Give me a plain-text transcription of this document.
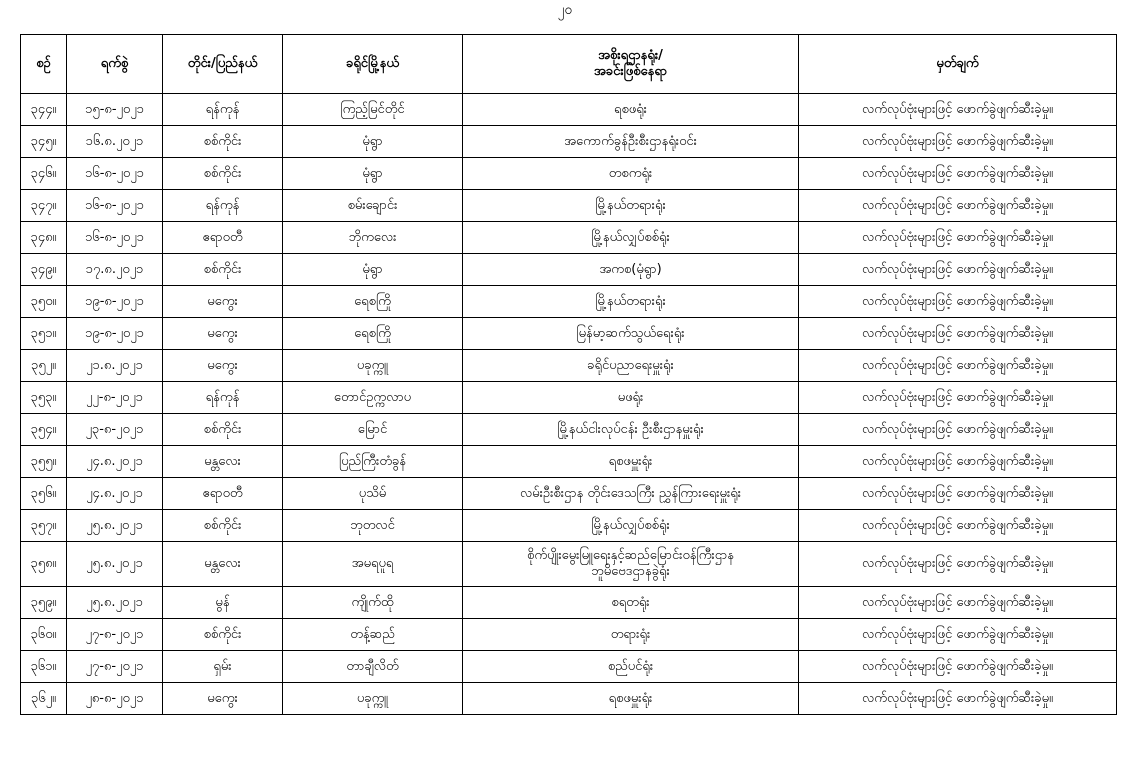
၂၀
စဉ်	ရက်စွဲ	တိုင်း/ပြည်နယ်	ခရိုင်မြို့နယ်	အစိုးရဌာနရုံး/
အခင်းဖြစ်နေရာ	မှတ်ချက်
၃၄၄။	၁၅-၈-၂၀၂၁	ရန်ကုန်	ကြည့်မြင်တိုင်	ရစဖရုံး	လက်လုပ်ဗုံးများဖြင့် ဖောက်ခွဲဖျက်ဆီးခဲ့မှု။
၃၄၅။	၁၆.၈.၂၀၂၁	စစ်ကိုင်း	မုံရွာ	အကောက်ခွန်ဦးစီးဌာနရုံးဝင်း	လက်လုပ်ဗုံးများဖြင့် ဖောက်ခွဲဖျက်ဆီးခဲ့မှု။
၃၄၆။	၁၆-၈-၂၀၂၁	စစ်ကိုင်း	မုံရွာ	တစကရုံး	လက်လုပ်ဗုံးများဖြင့် ဖောက်ခွဲဖျက်ဆီးခဲ့မှု။
၃၄၇။	၁၆-၈-၂၀၂၁	ရန်ကုန်	စမ်းချောင်း	မြို့နယ်တရားရုံး	လက်လုပ်ဗုံးများဖြင့် ဖောက်ခွဲဖျက်ဆီးခဲ့မှု။
၃၄၈။	၁၆-၈-၂၀၂၁	ဧရာဝတီ	ဘိုကလေး	မြို့နယ်လျှပ်စစ်ရုံး	လက်လုပ်ဗုံးများဖြင့် ဖောက်ခွဲဖျက်ဆီးခဲ့မှု။
၃၄၉။	၁၇.၈.၂၀၂၁	စစ်ကိုင်း	မုံရွာ	အကစ(မုံရွာ)	လက်လုပ်ဗုံးများဖြင့် ဖောက်ခွဲဖျက်ဆီးခဲ့မှု။
၃၅၀။	၁၉-၈-၂၀၂၁	မကွေး	ရေစကြို	မြို့နယ်တရားရုံး	လက်လုပ်ဗုံးများဖြင့် ဖောက်ခွဲဖျက်ဆီးခဲ့မှု။
၃၅၁။	၁၉-၈-၂၀၂၁	မကွေး	ရေစကြို	မြန်မာ့ဆက်သွယ်ရေးရုံး	လက်လုပ်ဗုံးများဖြင့် ဖောက်ခွဲဖျက်ဆီးခဲ့မှု။
၃၅၂။	၂၁.၈.၂၀၂၁	မကွေး	ပခုက္ကူ	ခရိုင်ပညာရေးမှူးရုံး	လက်လုပ်ဗုံးများဖြင့် ဖောက်ခွဲဖျက်ဆီးခဲ့မှု။
၃၅၃။	၂၂-၈-၂၀၂၁	ရန်ကုန်	တောင်ဥက္ကလာပ	မဖရုံး	လက်လုပ်ဗုံးများဖြင့် ဖောက်ခွဲဖျက်ဆီးခဲ့မှု။
၃၅၄။	၂၃-၈-၂၀၂၁	စစ်ကိုင်း	မြောင်	မြို့နယ်ငါးလုပ်ငန်း ဦးစီးဌာနမှူးရုံး	လက်လုပ်ဗုံးများဖြင့် ဖောက်ခွဲဖျက်ဆီးခဲ့မှု။
၃၅၅။	၂၄.၈.၂၀၂၁	မန္တလေး	ပြည်ကြီးတံခွန်	ရစဖမှူးရုံး	လက်လုပ်ဗုံးများဖြင့် ဖောက်ခွဲဖျက်ဆီးခဲ့မှု။
၃၅၆။	၂၄.၈.၂၀၂၁	ဧရာဝတီ	ပုသိမ်	လမ်းဦးစီးဌာန တိုင်းဒေသကြီး ညွှန်ကြားရေးမှူးရုံး	လက်လုပ်ဗုံးများဖြင့် ဖောက်ခွဲဖျက်ဆီးခဲ့မှု။
၃၅၇။	၂၅.၈.၂၀၂၁	စစ်ကိုင်း	ဘုတလင်	မြို့နယ်လျှပ်စစ်ရုံး	လက်လုပ်ဗုံးများဖြင့် ဖောက်ခွဲဖျက်ဆီးခဲ့မှု။
၃၅၈။	၂၅.၈.၂၀၂၁	မန္တလေး	အမရပူရ	စိုက်ပျိုးမွေးမြူရေးနှင့်ဆည်မြောင်းဝန်ကြီးဌာန
ဘူမိဗေဒဌာနခွဲရုံး	လက်လုပ်ဗုံးများဖြင့် ဖောက်ခွဲဖျက်ဆီးခဲ့မှု။
၃၅၉။	၂၅.၈.၂၀၂၁	မွန်	ကျိုက်ထို	စရတရုံး	လက်လုပ်ဗုံးများဖြင့် ဖောက်ခွဲဖျက်ဆီးခဲ့မှု။
၃၆၀။	၂၇-၈-၂၀၂၁	စစ်ကိုင်း	တန့်ဆည်	တရားရုံး	လက်လုပ်ဗုံးများဖြင့် ဖောက်ခွဲဖျက်ဆီးခဲ့မှု။
၃၆၁။	၂၇-၈-၂၀၂၁	ရှမ်း	တာချီလိတ်	စည်ပင်ရုံး	လက်လုပ်ဗုံးများဖြင့် ဖောက်ခွဲဖျက်ဆီးခဲ့မှု။
၃၆၂။	၂၈-၈-၂၀၂၁	မကွေး	ပခုက္ကူ	ရစဖမှူးရုံး	လက်လုပ်ဗုံးများဖြင့် ဖောက်ခွဲဖျက်ဆီးခဲ့မှု။
